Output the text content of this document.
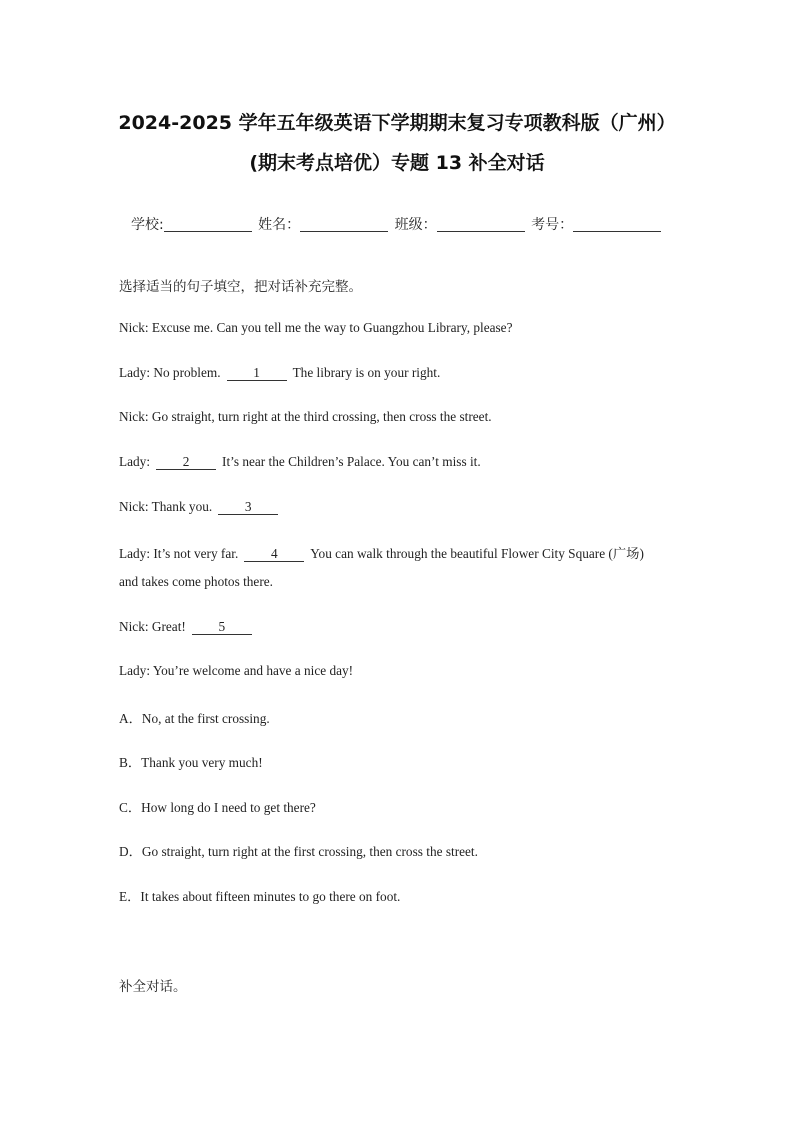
2024-2025 学年五年级英语下学期期末复习专项教科版（广州）
(期末考点培优）专题 13 补全对话
学校:	姓名：	班级：	考号：
选择适当的句子填空，把对话补充完整。
Nick: Excuse me. Can you tell me the way to Guangzhou Library, please?
Lady: No problem. 1 The library is on your right.
Nick: Go straight, turn right at the third crossing, then cross the street.
Lady: 2 It’s near the Children’s Palace. You can’t miss it.
Nick: Thank you. 3
Lady: It’s not very far. 4 You can walk through the beautiful Flower City Square (广场)
and takes come photos there.
Nick: Great! 5
Lady: You’re welcome and have a nice day!
A．No, at the first crossing.
B．Thank you very much!
C．How long do I need to get there?
D．Go straight, turn right at the first crossing, then cross the street.
E．It takes about fifteen minutes to go there on foot.
补全对话。
